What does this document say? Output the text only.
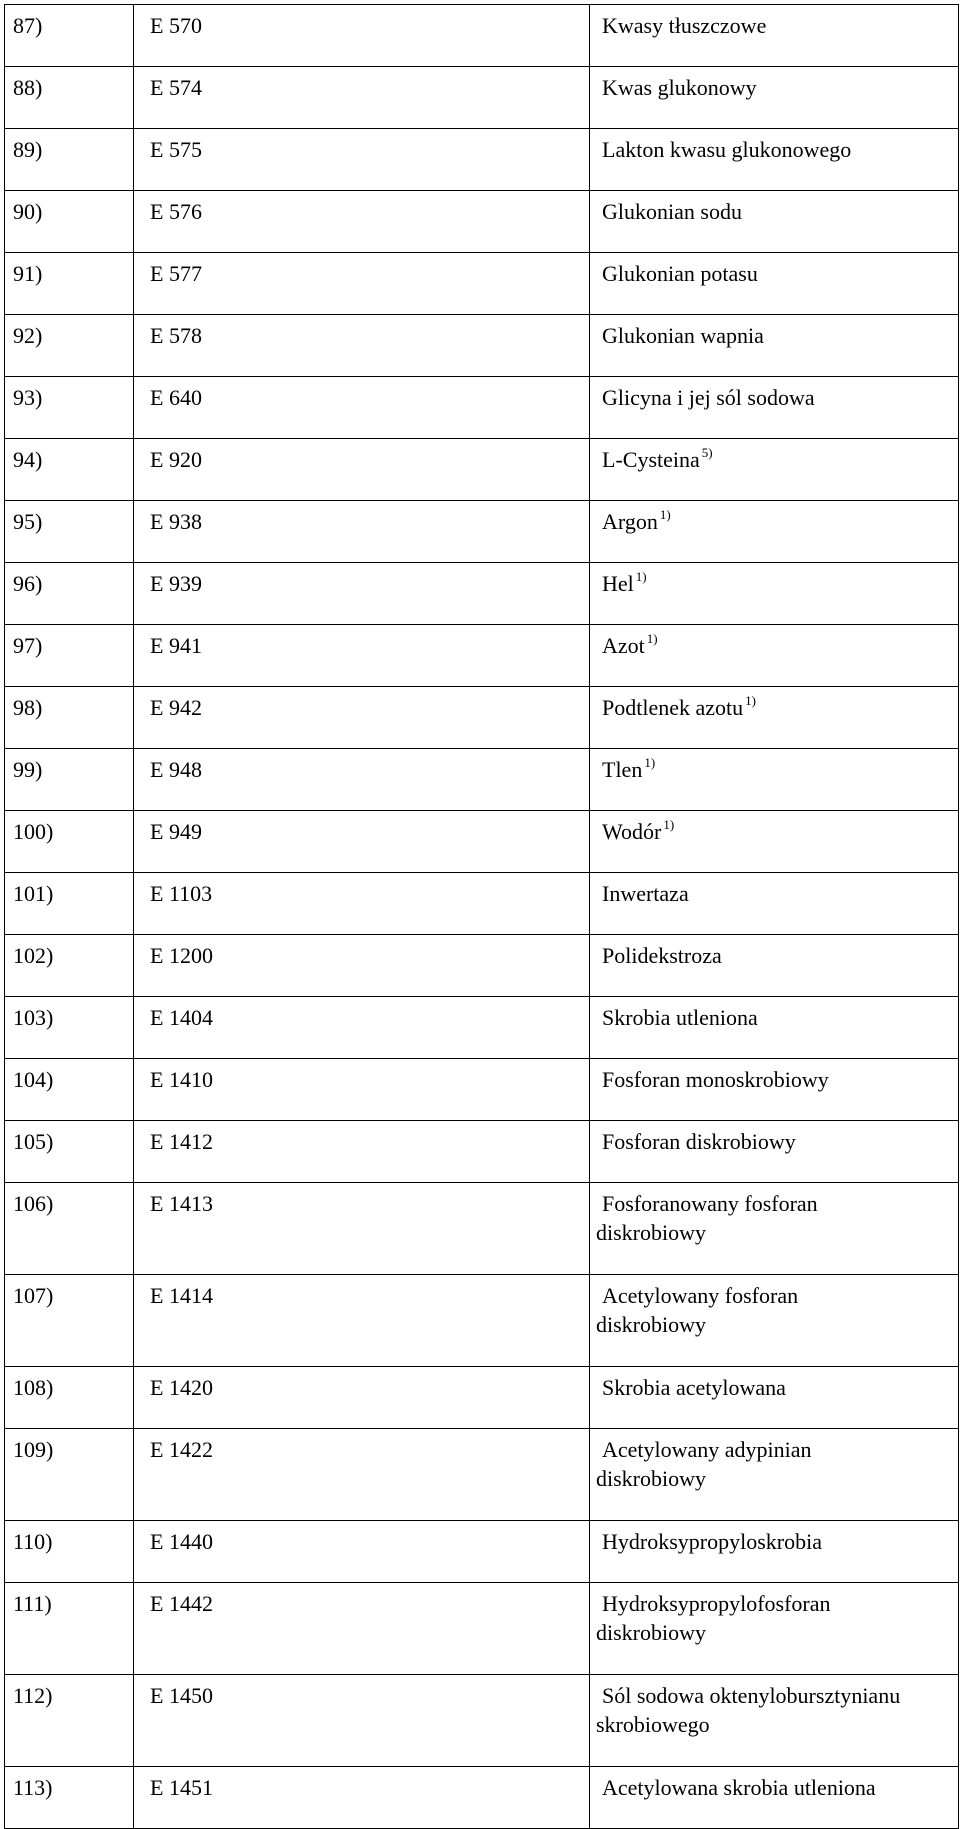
87)	E 570	Kwasy tłuszczowe
88)	E 574	Kwas glukonowy
89)	E 575	Lakton kwasu glukonowego
90)	E 576	Glukonian sodu
91)	E 577	Glukonian potasu
92)	E 578	Glukonian wapnia
93)	E 640	Glicyna i jej sól sodowa
94)	E 920	L-Cysteina $^{5)}$
95)	E 938	Argon $^{1)}$
96)	E 939	Hel $^{1)}$
97)	E 941	Azot $^{1)}$
98)	E 942	Podtlenek azotu $^{1)}$
99)	E 948	Tlen $^{1)}$
100)	E 949	Wodór $^{1)}$
101)	E 1103	Inwertaza
102)	E 1200	Polidekstroza
103)	E 1404	Skrobia utleniona
104)	E 1410	Fosforan monoskrobiowy
105)	E 1412	Fosforan diskrobiowy
106)	E 1413	Fosforanowany fosforan
diskrobiowy
107)	E 1414	Acetylowany fosforan
diskrobiowy
108)	E 1420	Skrobia acetylowana
109)	E 1422	Acetylowany adypinian
diskrobiowy
110)	E 1440	Hydroksypropyloskrobia
111)	E 1442	Hydroksypropylofosforan
diskrobiowy
112)	E 1450	Sól sodowa oktenylobursztynianu
skrobiowego
113)	E 1451	Acetylowana skrobia utleniona
